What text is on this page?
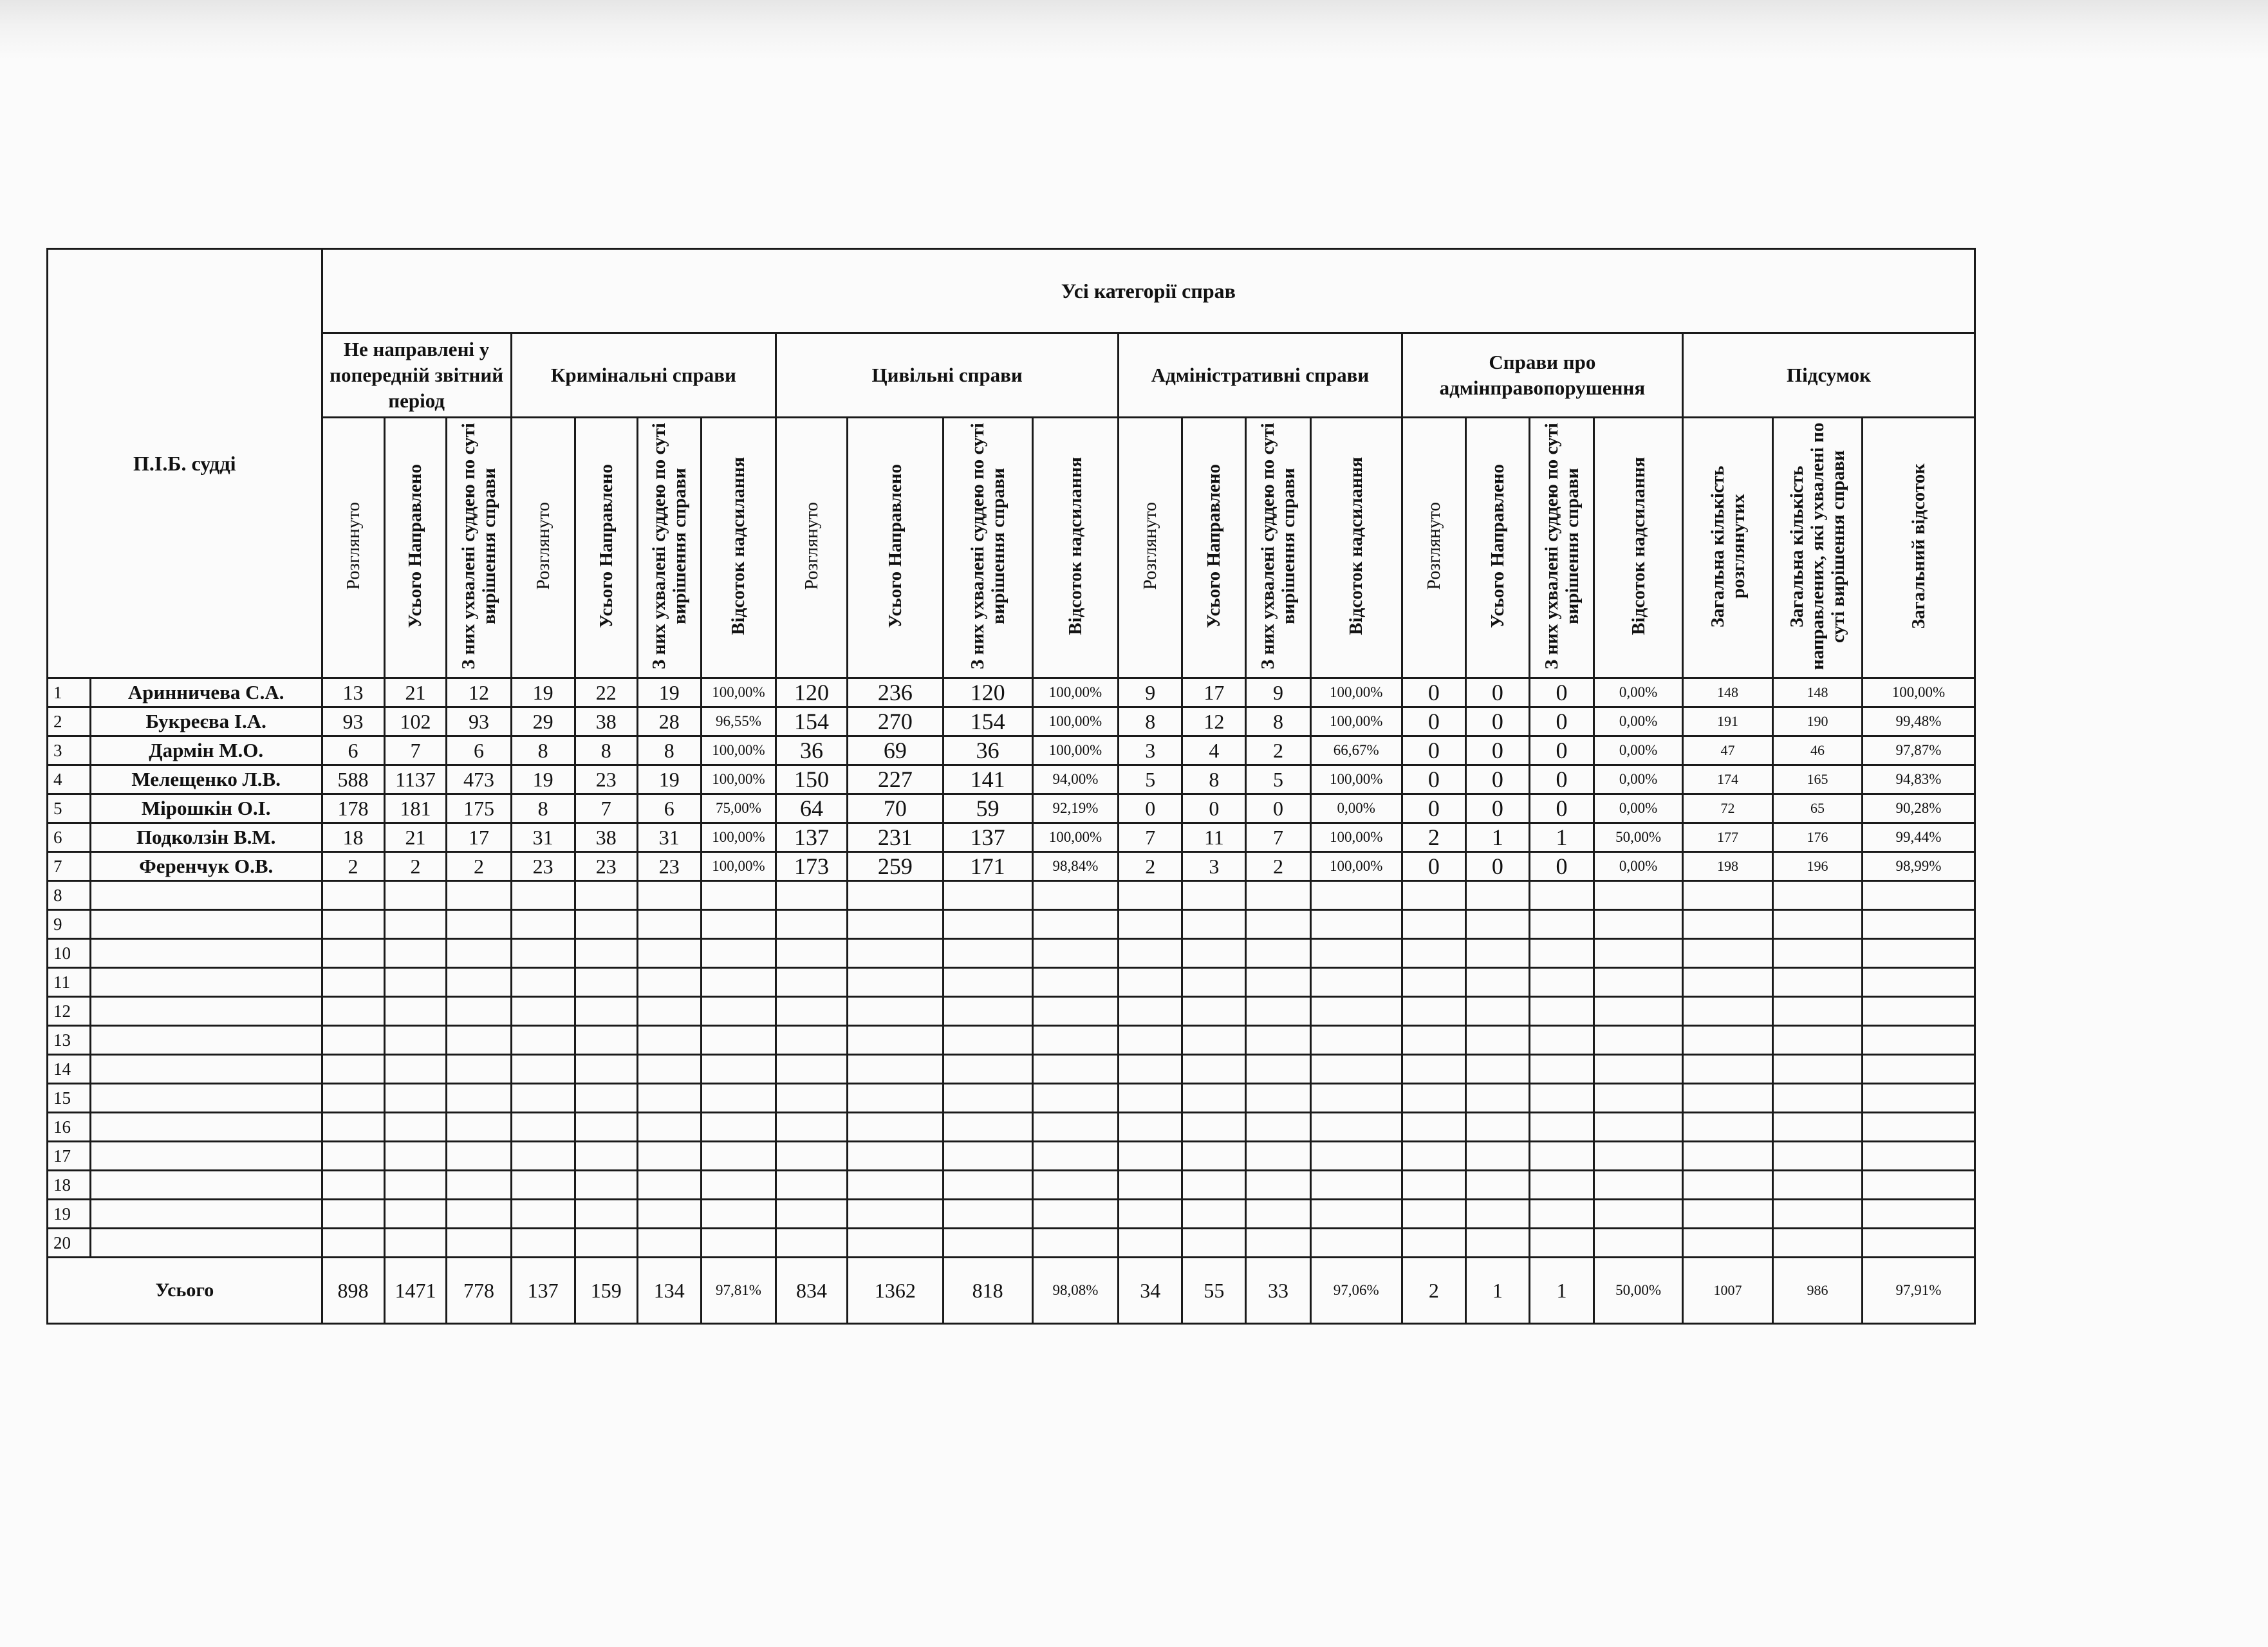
П.І.Б. судді		Усі категорії справ																					
		Не направлені у попередній звітний період			Кримінальні справи				Цивільні справи				Адміністративні справи				Справи про адмінправопорушення				Підсумок		
		Розглянуто	Усього Направлено	З них ухвалені суддею по суті вирішення справи	Розглянуто	Усього Направлено	З них ухвалені суддею по суті вирішення справи	Відсоток надсилання	Розглянуто	Усього Направлено	З них ухвалені суддею по суті вирішення справи	Відсоток надсилання	Розглянуто	Усього Направлено	З них ухвалені суддею по суті вирішення справи	Відсоток надсилання	Розглянуто	Усього Направлено	З них ухвалені суддею по суті вирішення справи	Відсоток надсилання	Загальна кількість розглянутих	Загальна кількість направлених, які ухвалені по суті вирішення справи	Загальний відсоток
1	Аринничева С.А.	13	21	12	19	22	19	100,00%	120	236	120	100,00%	9	17	9	100,00%	0	0	0	0,00%	148	148	100,00%
2	Букреєва І.А.	93	102	93	29	38	28	96,55%	154	270	154	100,00%	8	12	8	100,00%	0	0	0	0,00%	191	190	99,48%
3	Дармін М.О.	6	7	6	8	8	8	100,00%	36	69	36	100,00%	3	4	2	66,67%	0	0	0	0,00%	47	46	97,87%
4	Мелещенко Л.В.	588	1137	473	19	23	19	100,00%	150	227	141	94,00%	5	8	5	100,00%	0	0	0	0,00%	174	165	94,83%
5	Мірошкін О.І.	178	181	175	8	7	6	75,00%	64	70	59	92,19%	0	0	0	0,00%	0	0	0	0,00%	72	65	90,28%
6	Подколзін В.М.	18	21	17	31	38	31	100,00%	137	231	137	100,00%	7	11	7	100,00%	2	1	1	50,00%	177	176	99,44%
7	Ференчук О.В.	2	2	2	23	23	23	100,00%	173	259	171	98,84%	2	3	2	100,00%	0	0	0	0,00%	198	196	98,99%
8																							
9																							
10																							
11																							
12																							
13																							
14																							
15																							
16																							
17																							
18																							
19																							
20																							
Усього		898	1471	778	137	159	134	97,81%	834	1362	818	98,08%	34	55	33	97,06%	2	1	1	50,00%	1007	986	97,91%
